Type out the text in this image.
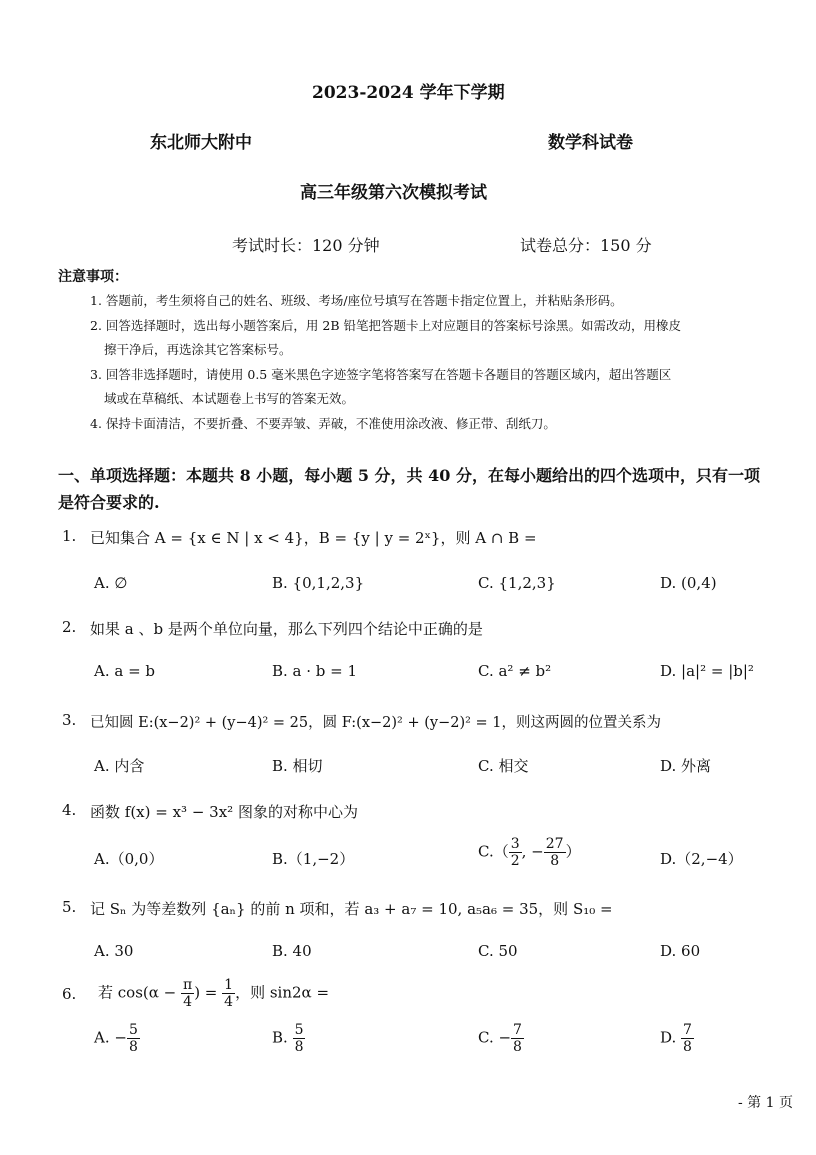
2023-2024 学年下学期
东北师大附中	数学科试卷
高三年级第六次模拟考试
考试时长：120 分钟	试卷总分：150 分
注意事项：
1. 答题前，考生须将自己的姓名、班级、考场/座位号填写在答题卡指定位置上，并粘贴条形码。
2. 回答选择题时，选出每小题答案后，用 2B 铅笔把答题卡上对应题目的答案标号涂黑。如需改动，用橡皮
擦干净后，再选涂其它答案标号。
3. 回答非选择题时，请使用 0.5 毫米黑色字迹签字笔将答案写在答题卡各题目的答题区域内，超出答题区
域或在草稿纸、本试题卷上书写的答案无效。
4. 保持卡面清洁，不要折叠、不要弄皱、弄破，不准使用涂改液、修正带、刮纸刀。
一、单项选择题：本题共 8 小题，每小题 5 分，共 40 分，在每小题给出的四个选项中，只有一项
是符合要求的.
1. 已知集合 A = {x ∈ N | x < 4}，B = {y | y = 2ˣ}，则 A ∩ B =
A. ∅	B. {0,1,2,3}	C. {1,2,3}	D. (0,4)
2. 如果 a 、b 是两个单位向量，那么下列四个结论中正确的是
A. a = b	B. a · b = 1	C. a² ≠ b²	D. |a|² = |b|²
3. 已知圆 E:(x−2)² + (y−4)² = 25，圆 F:(x−2)² + (y−2)² = 1，则这两圆的位置关系为
A. 内含	B. 相切	C. 相交	D. 外离
4. 函数 f(x) = x³ − 3x² 图象的对称中心为
A.（0,0）	B.（1,−2）	$C.( \frac{3}{2}$ , − $\frac{27}{8}$ ）	D.（2,−4）
5. 记 Sₙ 为等差数列 {aₙ} 的前 n 项和，若 a₃ + a₇ = 10, a₅a₆ = 35，则 S₁₀ =
A. 30	B. 40	C. 50	D. 60
6. 若 $\cos(\alpha - \frac{\pi}{4}$ ) = $\frac{1}{4}$ ，则 sin2α =
A. − $\frac{5}{8}$	B. $\frac{5}{8}$	C. − $\frac{7}{8}$	D. $\frac{7}{8}$
- 第 1 页
